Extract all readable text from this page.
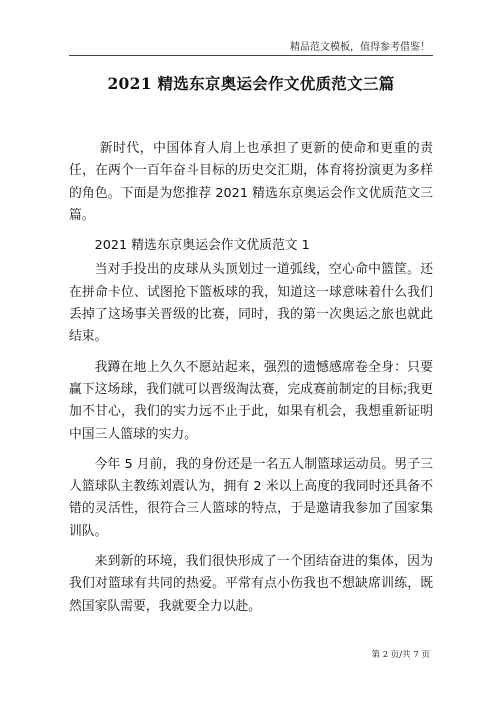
精品范文模板，值得参考借鉴！
2021 精选东京奥运会作文优质范文三篇

新时代，中国体育人肩上也承担了更新的使命和更重的责任，在两个一百年奋斗目标的历史交汇期，体育将扮演更为多样的角色。下面是为您推荐 2021 精选东京奥运会作文优质范文三篇。

2021 精选东京奥运会作文优质范文 1

当对手投出的皮球从头顶划过一道弧线，空心命中篮筐。还在拼命卡位、试图抢下篮板球的我，知道这一球意味着什么我们丢掉了这场事关晋级的比赛，同时，我的第一次奥运之旅也就此结束。

我蹲在地上久久不愿站起来，强烈的遗憾感席卷全身：只要赢下这场球，我们就可以晋级淘汰赛，完成赛前制定的目标;我更加不甘心，我们的实力远不止于此，如果有机会，我想重新证明中国三人篮球的实力。

今年 5 月前，我的身份还是一名五人制篮球运动员。男子三人篮球队主教练刘震认为，拥有 2 米以上高度的我同时还具备不错的灵活性，很符合三人篮球的特点，于是邀请我参加了国家集训队。

来到新的环境，我们很快形成了一个团结奋进的集体，因为我们对篮球有共同的热爱。平常有点小伤我也不想缺席训练，既然国家队需要，我就要全力以赴。

第 2 页/共 7 页
